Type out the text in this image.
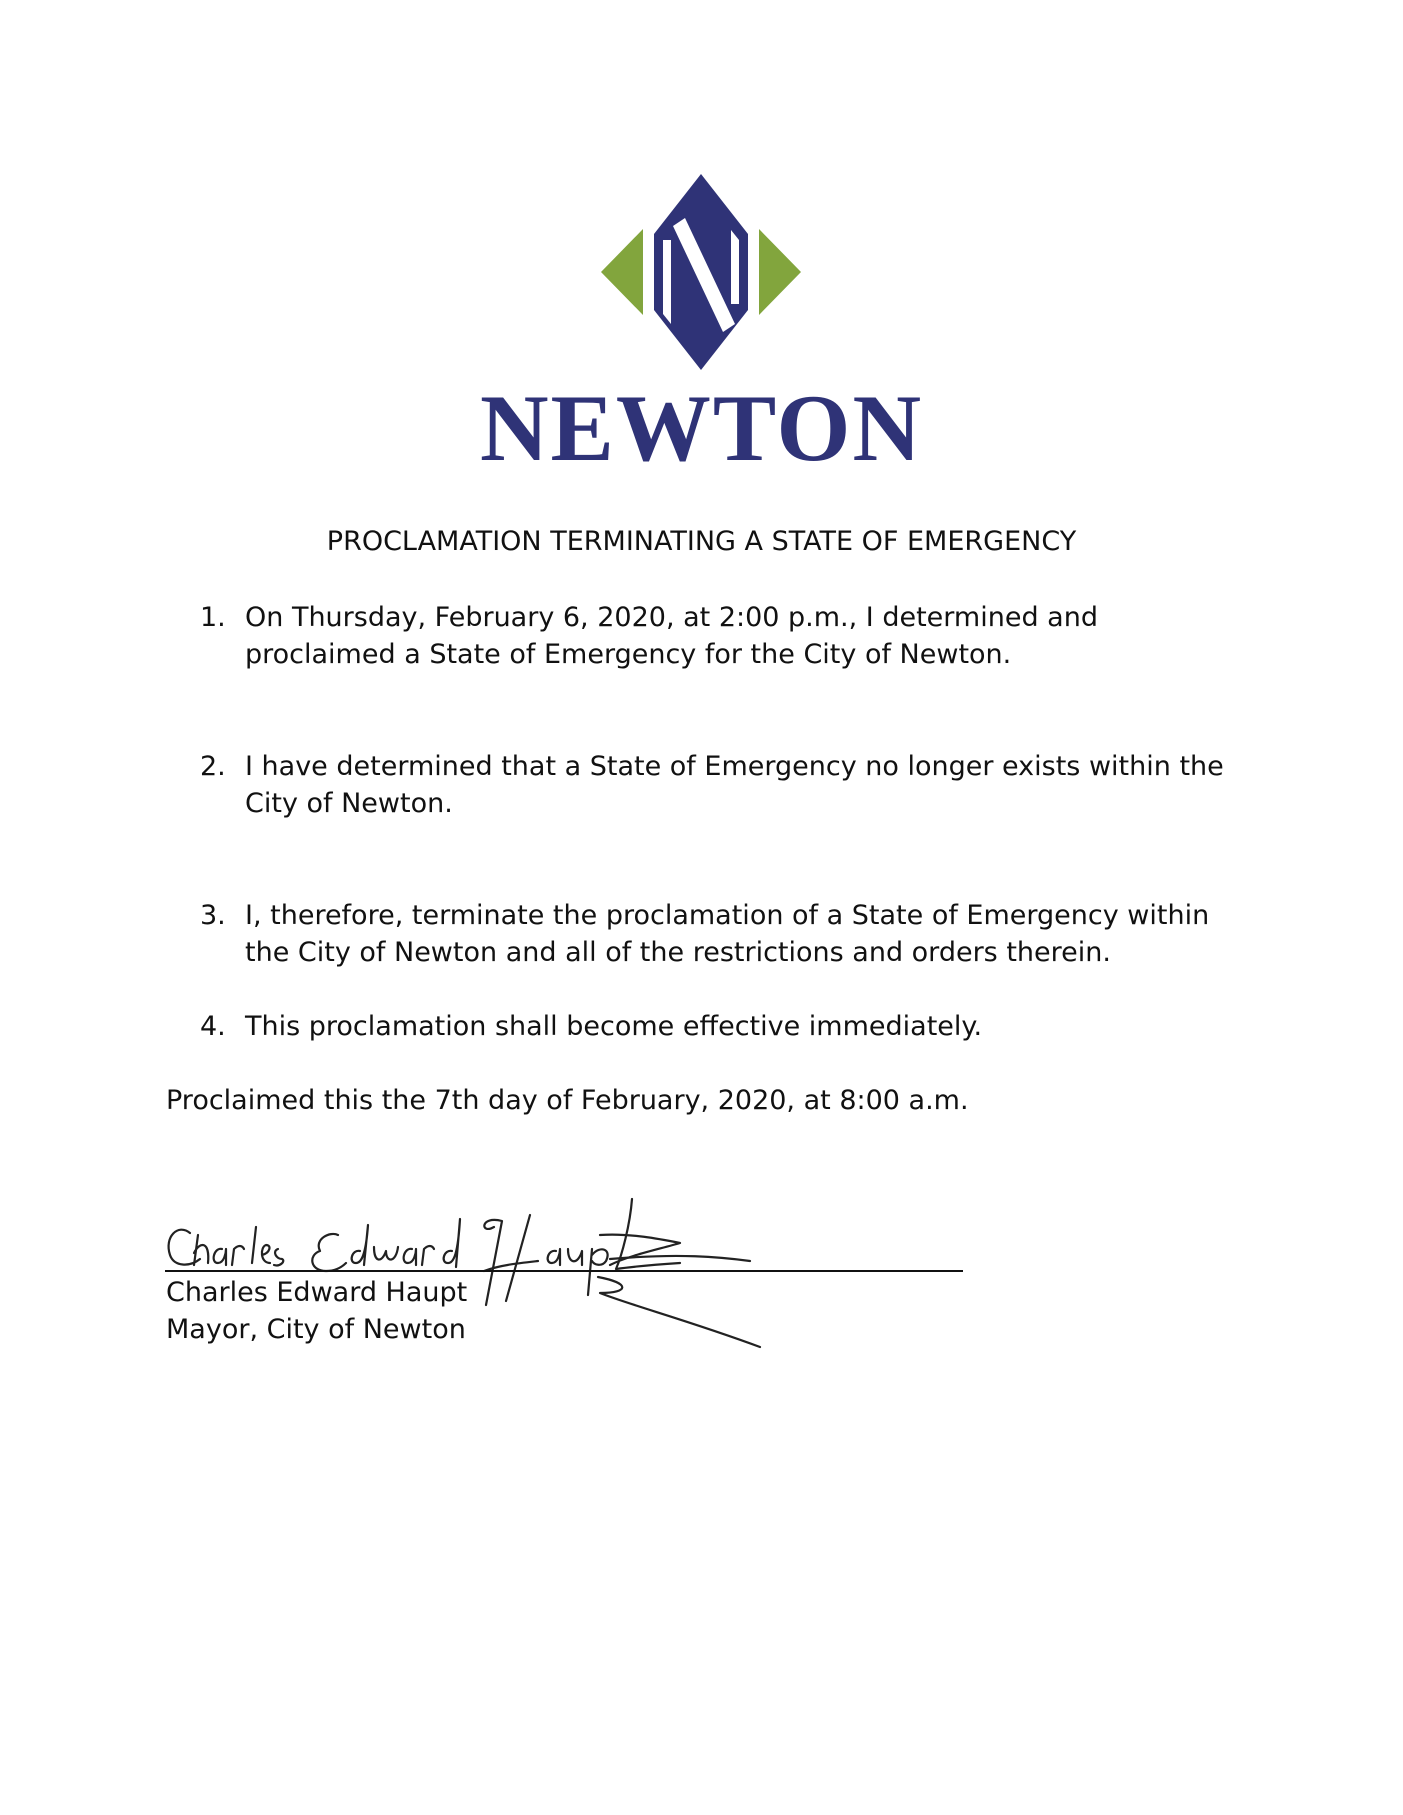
NEWTON
PROCLAMATION TERMINATING A STATE OF EMERGENCY
1. On Thursday, February 6, 2020, at 2:00 p.m., I determined and proclaimed a State of Emergency for the City of Newton.
2. I have determined that a State of Emergency no longer exists within the City of Newton.
3. I, therefore, terminate the proclamation of a State of Emergency within the City of Newton and all of the restrictions and orders therein.
4. This proclamation shall become effective immediately.

Proclaimed this the 7th day of February, 2020, at 8:00 a.m.

Charles Edward Haupt
Mayor, City of Newton
